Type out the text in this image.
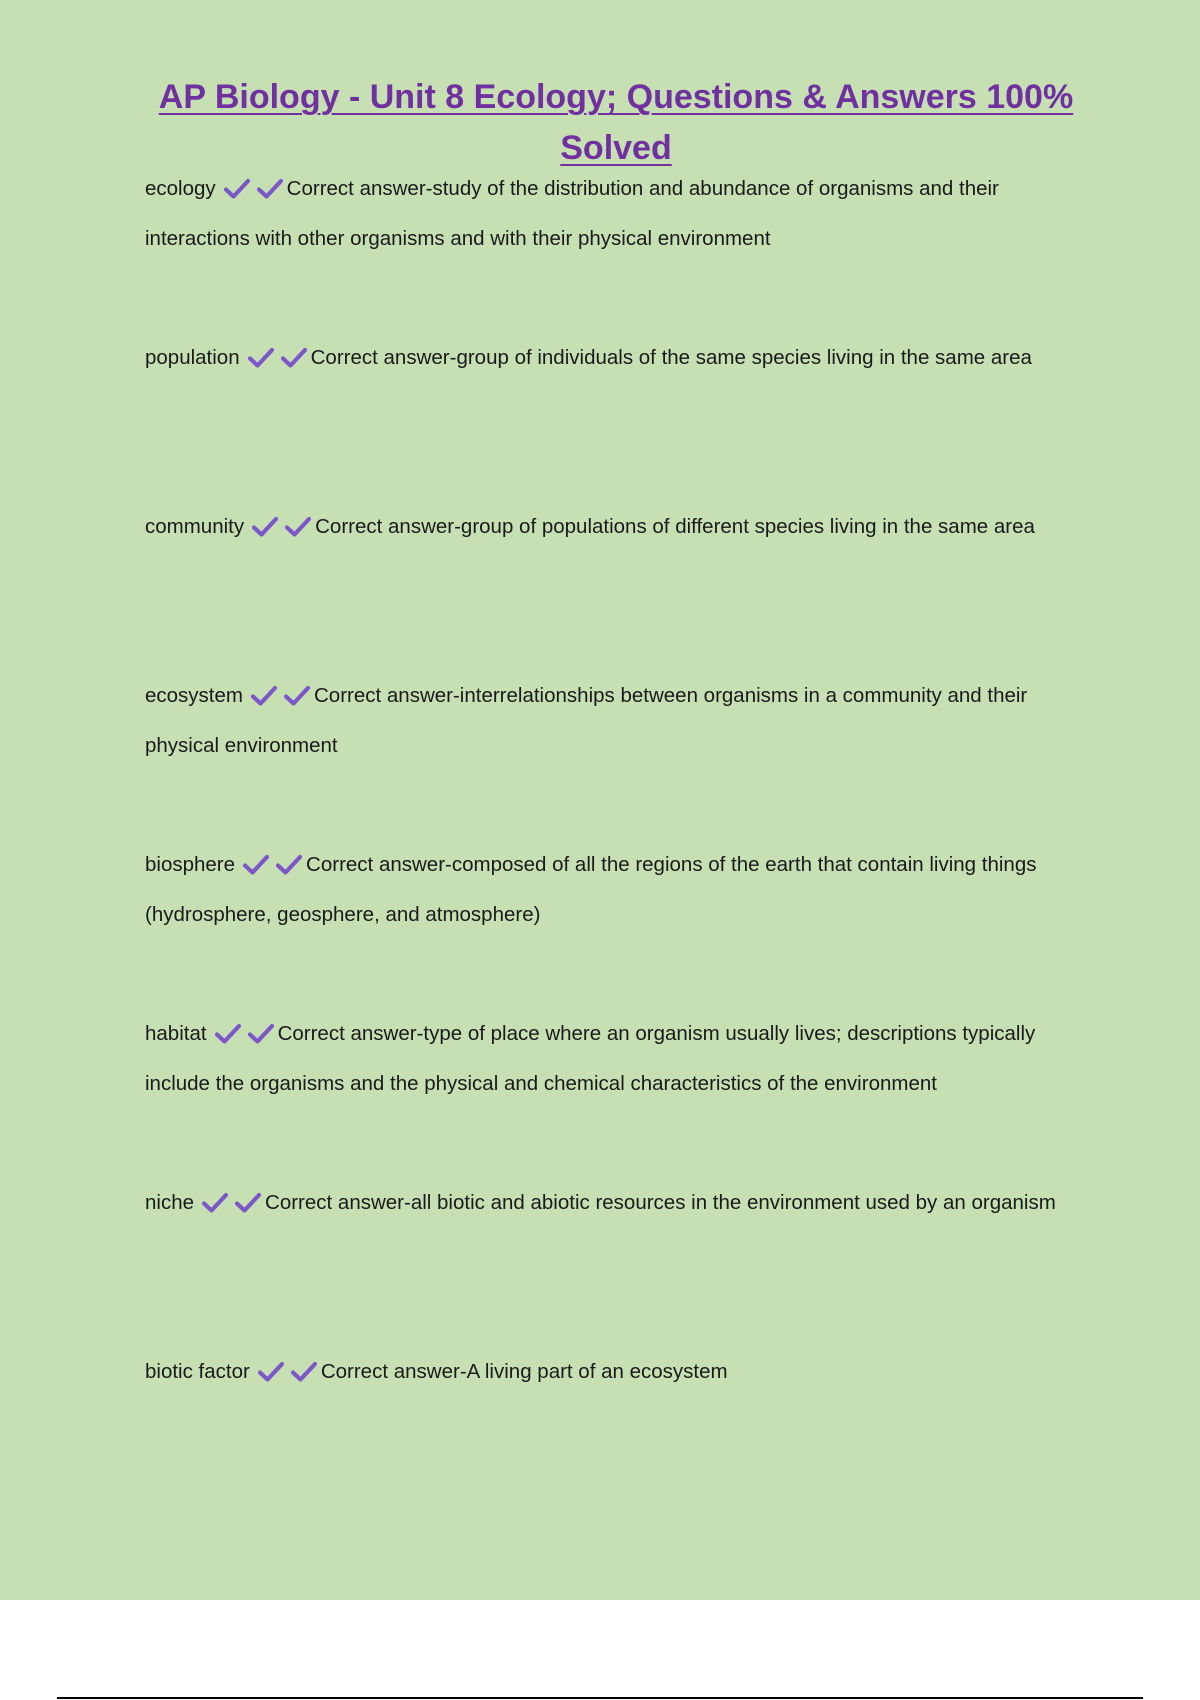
AP Biology - Unit 8 Ecology; Questions & Answers 100% Solved
ecology	Correct answer-study of the distribution and abundance of organisms and their interactions with other organisms and with their physical environment
population	Correct answer-group of individuals of the same species living in the same area
community	Correct answer-group of populations of different species living in the same area
ecosystem	Correct answer-interrelationships between organisms in a community and their physical environment
biosphere	Correct answer-composed of all the regions of the earth that contain living things (hydrosphere, geosphere, and atmosphere)
habitat	Correct answer-type of place where an organism usually lives; descriptions typically include the organisms and the physical and chemical characteristics of the environment
niche	Correct answer-all biotic and abiotic resources in the environment used by an organism
biotic factor	Correct answer-A living part of an ecosystem
